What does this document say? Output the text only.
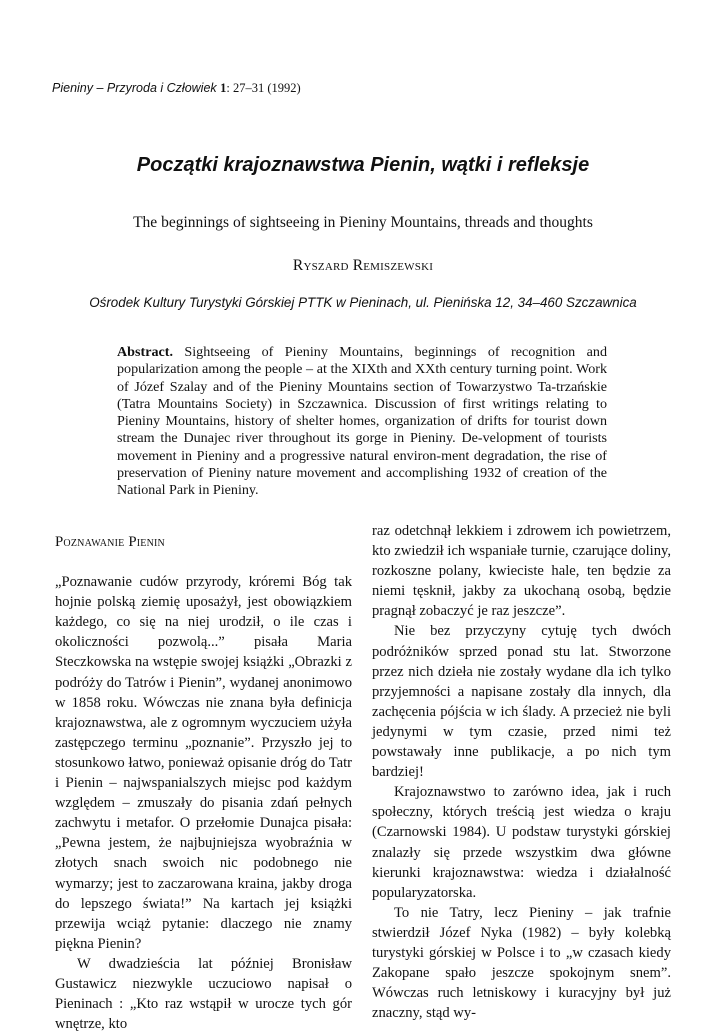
Pieniny – Przyroda i Człowiek 1: 27–31 (1992)
Początki krajoznawstwa Pienin, wątki i refleksje
The beginnings of sightseeing in Pieniny Mountains, threads and thoughts
Ryszard Remiszewski
Ośrodek Kultury Turystyki Górskiej PTTK w Pieninach, ul. Pienińska 12, 34–460 Szczawnica
Abstract. Sightseeing of Pieniny Mountains, beginnings of recognition and popularization among the people – at the XIXth and XXth century turning point. Work of Józef Szalay and of the Pieniny Mountains section of Towarzystwo Ta-trzańskie (Tatra Mountains Society) in Szczawnica. Discussion of first writings relating to Pieniny Mountains, history of shelter homes, organization of drifts for tourist down stream the Dunajec river throughout its gorge in Pieniny. De-velopment of tourists movement in Pieniny and a progressive natural environ-ment degradation, the rise of preservation of Pieniny nature movement and accomplishing 1932 of creation of the National Park in Pieniny.
Poznawanie Pienin

„Poznawanie cudów przyrody, króremi Bóg tak hojnie polską ziemię uposażył, jest obowiązkiem każdego, co się na niej urodził, o ile czas i okoliczności pozwolą...” pisała Maria Steczkowska na wstępie swojej książki „Obrazki z podróży do Tatrów i Pienin”, wydanej anonimowo w 1858 roku. Wówczas nie znana była definicja krajoznawstwa, ale z ogromnym wyczuciem użyła zastępczego terminu „poznanie”. Przyszło jej to stosunkowo łatwo, ponieważ opisanie dróg do Tatr i Pienin – najwspanialszych miejsc pod każdym względem – zmuszały do pisania zdań pełnych zachwytu i metafor. O przełomie Dunajca pisała: „Pewna jestem, że najbujniejsza wyobraźnia w złotych snach swoich nic podobnego nie wymarzy; jest to zaczarowana kraina, jakby droga do lepszego świata!” Na kartach jej książki przewija wciąż pytanie: dlaczego nie znamy pięknа Pienin?

W dwadzieścia lat później Bronisław Gustawicz niezwykle uczuciowo napisał o Pieninach : „Kto raz wstąpił w urocze tych gór wnętrze, kto

raz odetchnął lekkiem i zdrowem ich powietrzem, kto zwiedził ich wspaniałe turnie, czarujące doliny, rozkoszne polany, kwieciste hale, ten będzie za niemi tęsknił, jakby za ukochaną osobą, będzie pragnął zobaczyć je raz jeszcze”.

Nie bez przyczyny cytuję tych dwóch podróżników sprzed ponad stu lat. Stworzone przez nich dzieła nie zostały wydane dla ich tylko przyjemności a napisane zostały dla innych, dla zachęcenia pójścia w ich ślady. A przecież nie byli jedynymi w tym czasie, przed nimi też powstawały inne publikacje, a po nich tym bardziej!

Krajoznawstwo to zarówno idea, jak i ruch społeczny, których treścią jest wiedza o kraju (Czarnowski 1984). U podstaw turystyki górskiej znalazły się przede wszystkim dwa główne kierunki krajoznawstwa: wiedza i działalność popularyzatorska.

To nie Tatry, lecz Pieniny – jak trafnie stwierdził Józef Nyka (1982) – były kolebką turystyki górskiej w Polsce i to „w czasach kiedy Zakopane spało jeszcze spokojnym snem”. Wówczas ruch letniskowy i kuracyjny był już znaczny, stąd wy-
